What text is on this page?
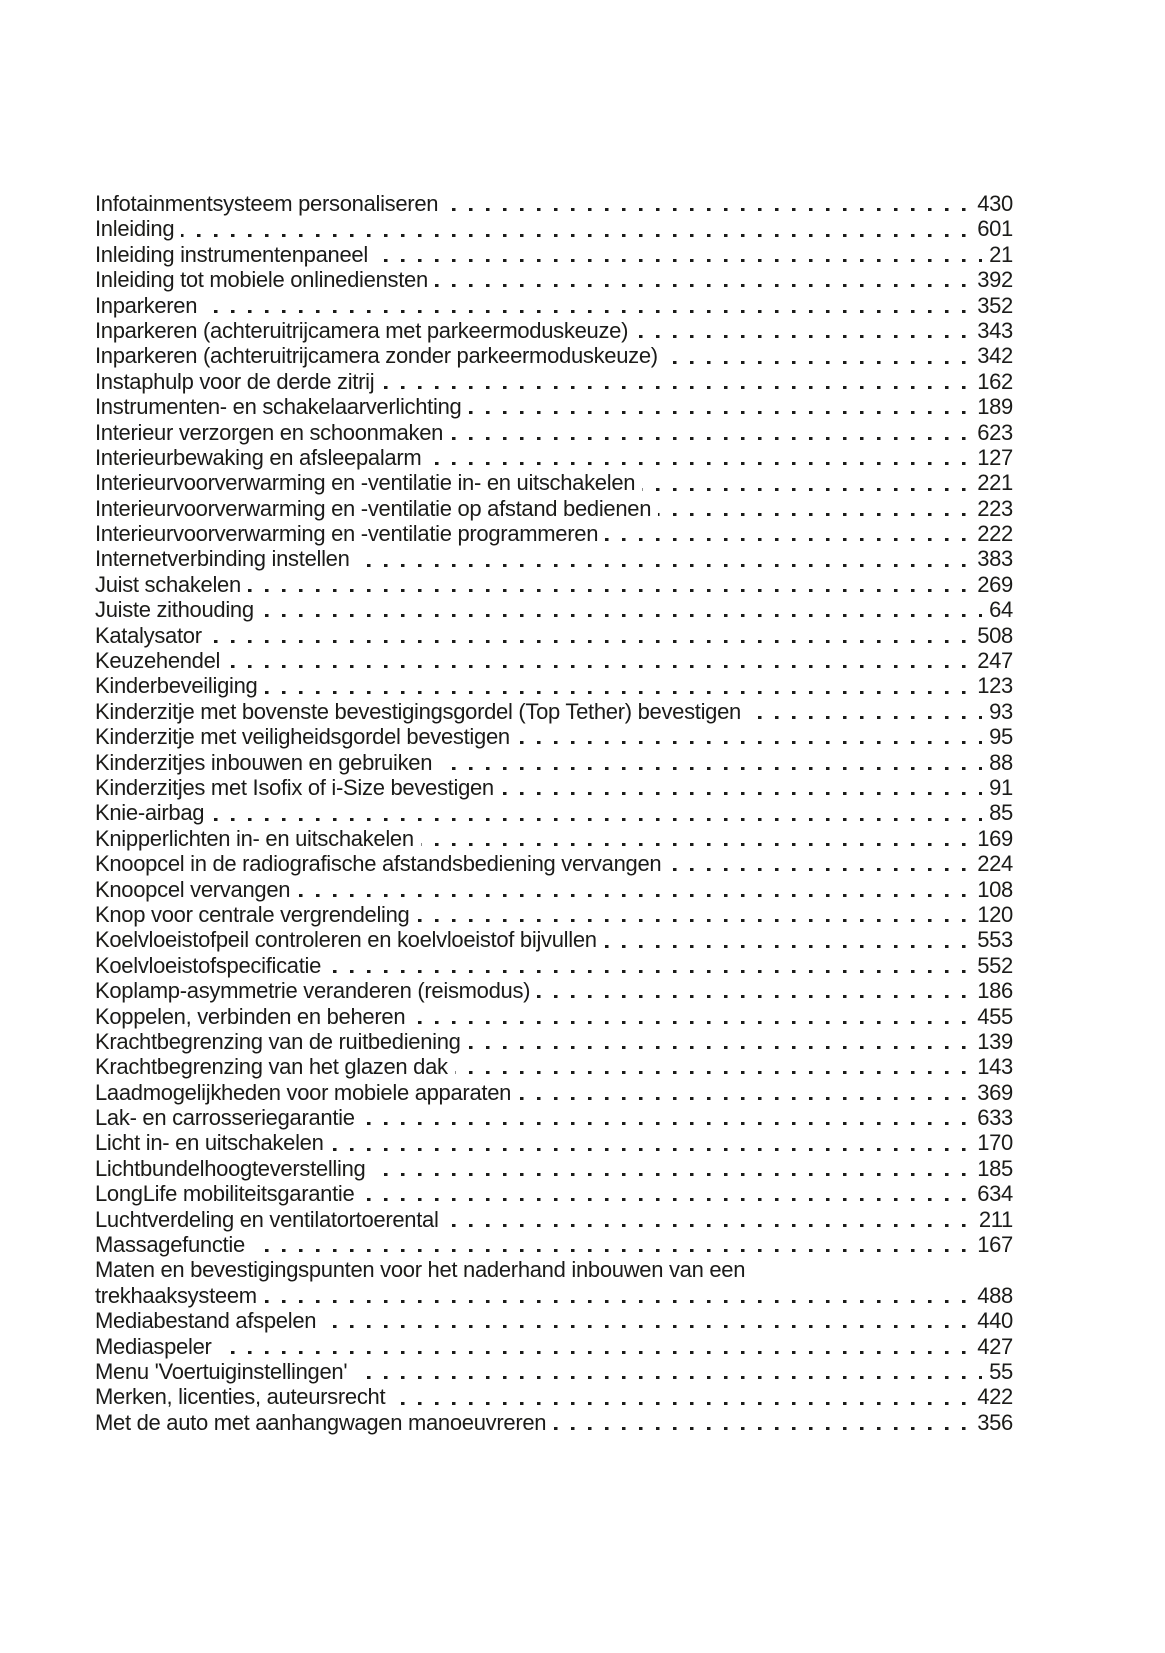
Infotainmentsysteem personaliseren	430
Inleiding	601
Inleiding instrumentenpaneel	21
Inleiding tot mobiele onlinediensten	392
Inparkeren	352
Inparkeren (achteruitrijcamera met parkeermoduskeuze)	343
Inparkeren (achteruitrijcamera zonder parkeermoduskeuze)	342
Instaphulp voor de derde zitrij	162
Instrumenten- en schakelaarverlichting	189
Interieur verzorgen en schoonmaken	623
Interieurbewaking en afsleepalarm	127
Interieurvoorverwarming en -ventilatie in- en uitschakelen	221
Interieurvoorverwarming en -ventilatie op afstand bedienen	223
Interieurvoorverwarming en -ventilatie programmeren	222
Internetverbinding instellen	383
Juist schakelen	269
Juiste zithouding	64
Katalysator	508
Keuzehendel	247
Kinderbeveiliging	123
Kinderzitje met bovenste bevestigingsgordel (Top Tether) bevestigen	93
Kinderzitje met veiligheidsgordel bevestigen	95
Kinderzitjes inbouwen en gebruiken	88
Kinderzitjes met Isofix of i-Size bevestigen	91
Knie-airbag	85
Knipperlichten in- en uitschakelen	169
Knoopcel in de radiografische afstandsbediening vervangen	224
Knoopcel vervangen	108
Knop voor centrale vergrendeling	120
Koelvloeistofpeil controleren en koelvloeistof bijvullen	553
Koelvloeistofspecificatie	552
Koplamp-asymmetrie veranderen (reismodus)	186
Koppelen, verbinden en beheren	455
Krachtbegrenzing van de ruitbediening	139
Krachtbegrenzing van het glazen dak	143
Laadmogelijkheden voor mobiele apparaten	369
Lak- en carrosseriegarantie	633
Licht in- en uitschakelen	170
Lichtbundelhoogteverstelling	185
LongLife mobiliteitsgarantie	634
Luchtverdeling en ventilatortoerental	211
Massagefunctie	167
Maten en bevestigingspunten voor het naderhand inbouwen van een
trekhaaksysteem	488
Mediabestand afspelen	440
Mediaspeler	427
Menu 'Voertuiginstellingen'	55
Merken, licenties, auteursrecht	422
Met de auto met aanhangwagen manoeuvreren	356
